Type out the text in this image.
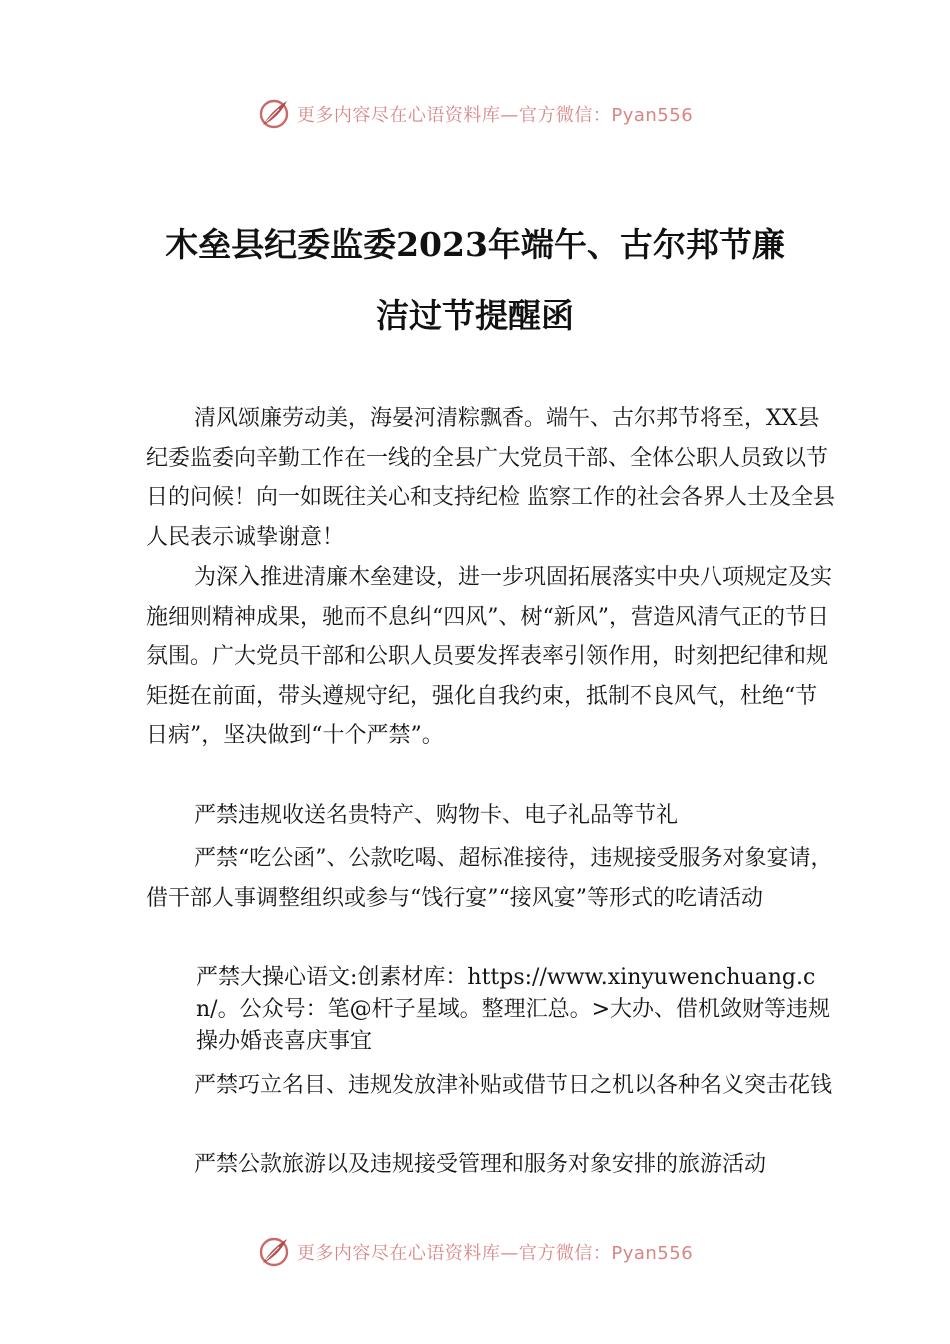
更多内容尽在心语资料库—官方微信：Pyan556
木垒县纪委监委2023年端午、古尔邦节廉
洁过节提醒函

清风颂廉劳动美，海晏河清粽飘香。端午、古尔邦节将至，XX县纪委监委向辛勤工作在一线的全县广大党员干部、全体公职人员致以节日的问候！向一如既往关心和支持纪检 监察工作的社会各界人士及全县人民表示诚挚谢意！

为深入推进清廉木垒建设，进一步巩固拓展落实中央八项规定及实施细则精神成果，驰而不息纠“四风”、树“新风”，营造风清气正的节日氛围。广大党员干部和公职人员要发挥表率引领作用，时刻把纪律和规矩挺在前面，带头遵规守纪，强化自我约束，抵制不良风气，杜绝“节日病”，坚决做到“十个严禁”。

严禁违规收送名贵特产、购物卡、电子礼品等节礼

严禁“吃公函”、公款吃喝、超标准接待，违规接受服务对象宴请，借干部人事调整组织或参与“饯行宴”“接风宴”等形式的吃请活动

严禁大操心语文:创素材库：https://www.xinyuwenchuang.cn/。公众号：笔@杆子星域。整理汇总。>大办、借机敛财等违规操办婚丧喜庆事宜

严禁巧立名目、违规发放津补贴或借节日之机以各种名义突击花钱

严禁公款旅游以及违规接受管理和服务对象安排的旅游活动

更多内容尽在心语资料库—官方微信：Pyan556
